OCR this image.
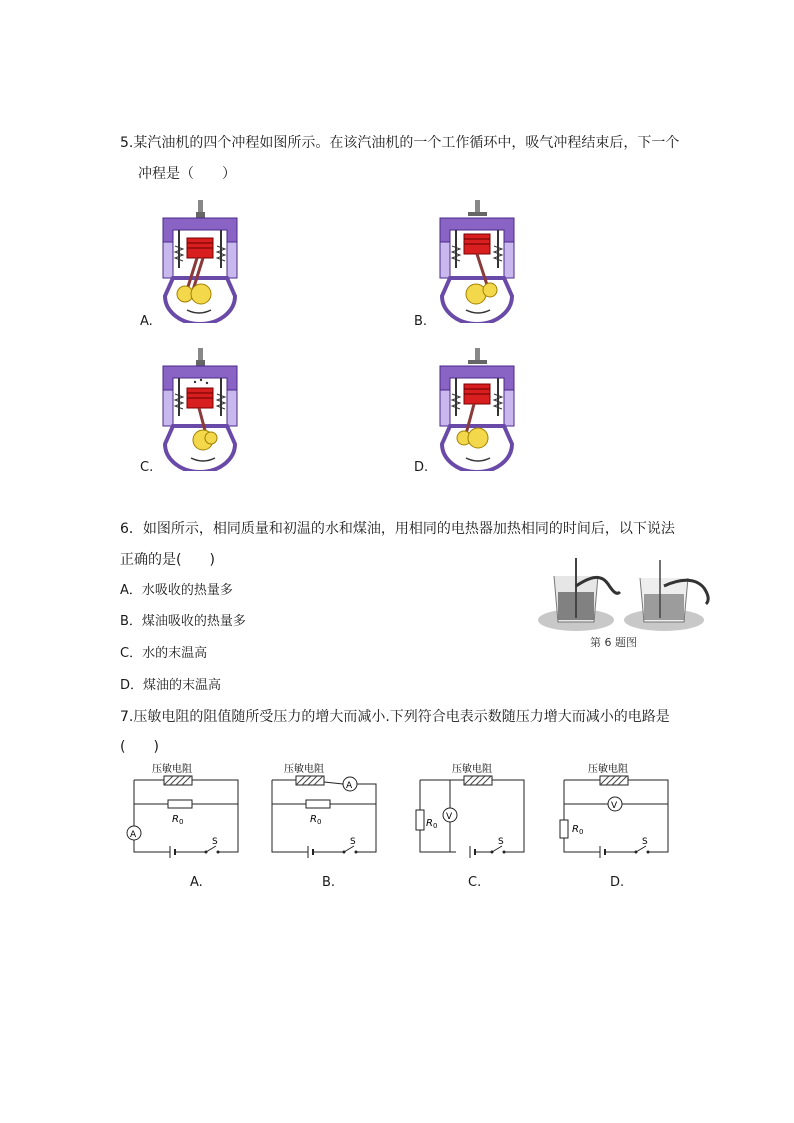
5.某汽油机的四个冲程如图所示。在该汽油机的一个工作循环中，吸气冲程结束后，下一个
冲程是（　　）
A.	B.
C.	D.
6．如图所示，相同质量和初温的水和煤油，用相同的电热器加热相同的时间后，以下说法
正确的是(　　)
A．水吸收的热量多
B．煤油吸收的热量多
C．水的末温高
D．煤油的末温高
第 6 题图
7.压敏电阻的阻值随所受压力的增大而减小.下列符合电表示数随压力增大而减小的电路是
(　　)
压敏电阻
R 0
A
S
A.
压敏电阻
A
R 0
S
B.
压敏电阻
R 0
V
S
C.
压敏电阻
R 0
V
S
D.
